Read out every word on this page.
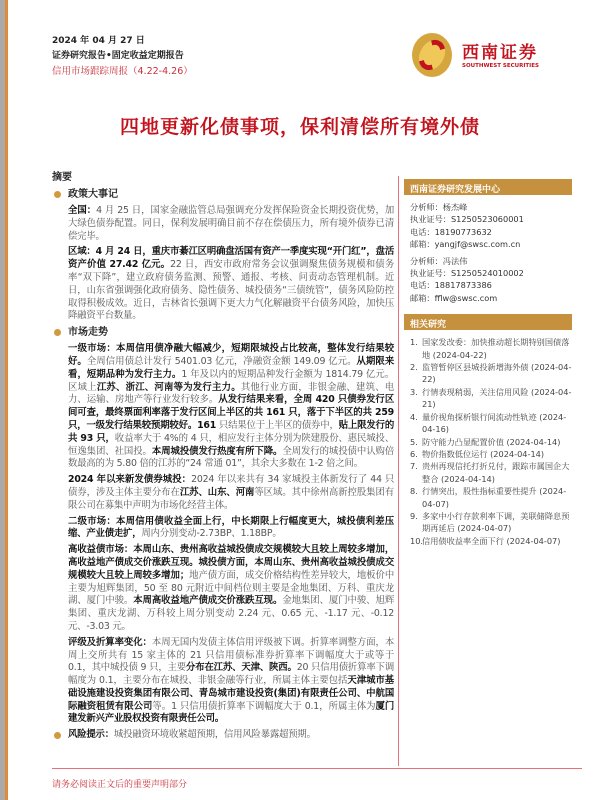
2024 年 04 月 27 日
证券研究报告•固定收益定期报告
信用市场跟踪周报（4.22-4.26）
西南证券
SOUTHWEST SECURITIES
四地更新化债事项，保利清偿所有境外债
摘要
政策大事记
全国：4 月 25 日，国家金融监管总局强调充分发挥保险资金长期投资优势，加大绿色债券配置。同日，保利发展明确目前不存在偿债压力，所有境外债券已清偿完毕。
区域：4 月 24 日，重庆市綦江区明确盘活国有资产一季度实现“开门红”，盘活资产价值 27.42 亿元。22 日，西安市政府常务会议强调聚焦债务规模和债务率“双下降”，建立政府债务监测、预警、通报、考核、问责动态管理机制。近日，山东省强调强化政府债务、隐性债务、城投债务“三债统管”，债务风险防控取得积极成效。近日，吉林省长强调下更大力气化解融资平台债务风险，加快压降融资平台数量。
市场走势
一级市场：本周信用债净融大幅减少，短期限城投占比较高，整体发行结果较好。全周信用债总计发行 5401.03 亿元，净融资金额 149.09 亿元。从期限来看，短期品种为发行主力。1 年及以内的短期品种发行金额为 1814.79 亿元。区域上江苏、浙江、河南等为发行主力。其他行业方面，非银金融、建筑、电力、运输、房地产等行业发行较多。从发行结果来看，全周 420 只债券发行区间可查，最终票面利率落于发行区间上半区的共 161 只，落于下半区的共 259 只，一级发行结果较预期较好。161 只结果位于上半区的债券中，贴上限发行的共 93 只，收益率大于 4%的 4 只，相应发行主体分别为陕建股份、惠民城投、恒逸集团、社国投。本周城投债发行热度有所下降。全周发行的城投债中认购倍数最高的为 5.80 倍的江苏的“24 常通 01”，其余大多数在 1-2 倍之间。
2024 年以来新发债券城投：2024 年以来共有 34 家城投主体新发行了 44 只债券，涉及主体主要分布在江苏、山东、河南等区域。其中徐州高新控股集团有限公司在募集中声明为市场化经营主体。
二级市场：本周信用债收益全面上行，中长期限上行幅度更大，城投债利差压缩、产业债走扩，周内分别变动-2.73BP、1.18BP。
高收益债市场：本周山东、贵州高收益城投债成交规模较大且较上周较多增加，高收益地产债成交价涨跌互现。城投债方面，本周山东、贵州高收益城投债成交规模较大且较上周较多增加；地产债方面，成交价格结构性差异较大，地板价中主要为旭辉集团，50 至 80 元附近中间档位则主要是金地集团、万科、重庆龙湖、厦门中骏。本周高收益地产债成交价涨跌互现。金地集团、厦门中骏、旭辉集团、重庆龙湖、万科较上周分别变动 2.24 元、0.65 元、-1.17 元、-0.12 元、-3.03 元。
评级及折算率变化：本周无国内发债主体信用评级被下调。折算率调整方面，本周上交所共有 15 家主体的 21 只信用债标准券折算率下调幅度大于或等于 0.1，其中城投债 9 只，主要分布在江苏、天津、陕西。20 只信用债折算率下调幅度为 0.1，主要分布在城投、非银金融等行业，所属主体主要包括天津城市基础设施建设投资集团有限公司、青岛城市建设投资(集团)有限责任公司、中航国际融资租赁有限公司等。1 只信用债折算率下调幅度大于 0.1，所属主体为厦门建发新兴产业股权投资有限责任公司。
风险提示：城投融资环境收紧超预期，信用风险暴露超预期。
西南证券研究发展中心
分析师：杨杰峰
执业证号：S1250523060001
电话：18190773632
邮箱：yangjf@swsc.com.cn
分析师：冯法伟
执业证号：S1250524010002
电话：18817873386
邮箱：fflw@swsc.com
相关研究
1. 国家发改委：加快推动超长期特别国债落地 (2024-04-22)
2. 监管暂停区县城投新增海外债 (2024-04-22)
3. 行情表现稍弱，关注信用风险 (2024-04-21)
4. 量价视角探析银行间流动性轨迹 (2024-04-16)
5. 防守能力凸显配置价值 (2024-04-14)
6. 物价指数低位运行 (2024-04-14)
7. 贵州再现信托打折兑付，跟踪市属国企大整合 (2024-04-14)
8. 行情突出，股性指标重要性提升 (2024-04-07)
9. 多家中小行存款利率下调，美联储降息预期再延后 (2024-04-07)
10.
信用债收益率全面下行 (2024-04-07)
请务必阅读正文后的重要声明部分
